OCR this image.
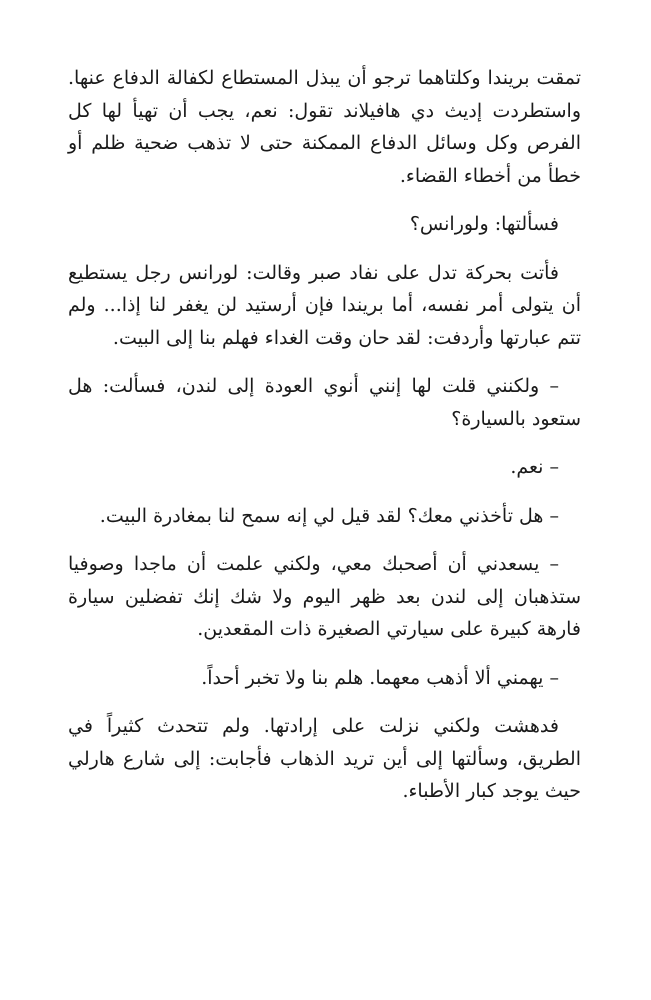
تمقت بريندا وكلتاهما ترجو أن يبذل المستطاع لكفالة الدفاع عنها. واستطردت إديث دي هافيلاند تقول: نعم، يجب أن تهيأ لها كل الفرص وكل وسائل الدفاع الممكنة حتى لا تذهب ضحية ظلم أو خطأ من أخطاء القضاء.

فسألتها: ولورانس؟

فأتت بحركة تدل على نفاد صبر وقالت: لورانس رجل يستطيع أن يتولى أمر نفسه، أما بريندا فإن أرستيد لن يغفر لنا إذا... ولم تتم عبارتها وأردفت: لقد حان وقت الغداء فهلم بنا إلى البيت.

– ولكنني قلت لها إنني أنوي العودة إلى لندن، فسألت: هل ستعود بالسيارة؟

– نعم.

– هل تأخذني معك؟ لقد قيل لي إنه سمح لنا بمغادرة البيت.

– يسعدني أن أصحبك معي، ولكني علمت أن ماجدا وصوفيا ستذهبان إلى لندن بعد ظهر اليوم ولا شك إنك تفضلين سيارة فارهة كبيرة على سيارتي الصغيرة ذات المقعدين.

– يهمني ألا أذهب معهما. هلم بنا ولا تخبر أحداً.

فدهشت ولكني نزلت على إرادتها. ولم تتحدث كثيراً في الطريق، وسألتها إلى أين تريد الذهاب فأجابت: إلى شارع هارلي حيث يوجد كبار الأطباء.
